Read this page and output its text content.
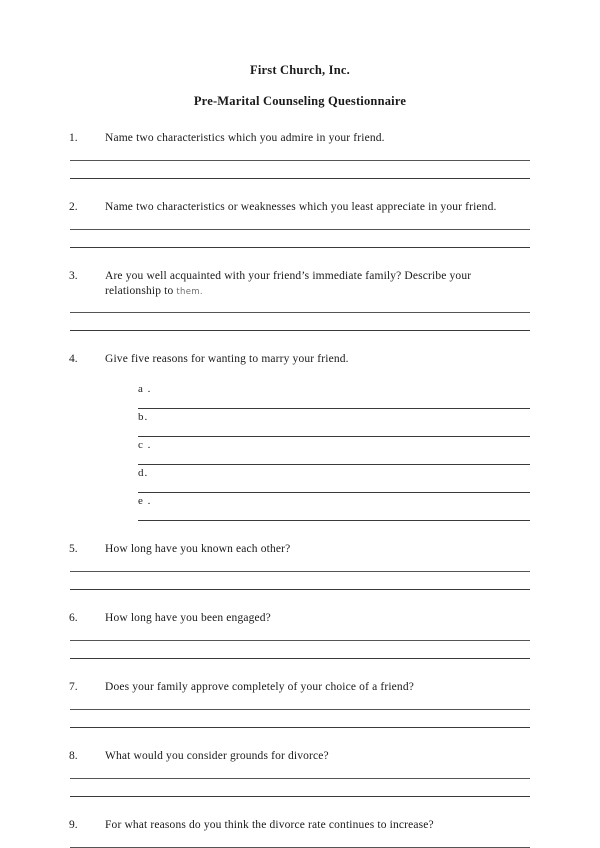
First Church, Inc.
Pre-Marital Counseling Questionnaire
1.	Name two characteristics which you admire in your friend.
2.	Name two characteristics or weaknesses which you least appreciate in your friend.
3.	Are you well acquainted with your friend’s immediate family? Describe your
relationship to them.
4.	Give five reasons for wanting to marry your friend.
a .
b.
c .
d.
e .
5.	How long have you known each other?
6.	How long have you been engaged?
7.	Does your family approve completely of your choice of a friend?
8.	What would you consider grounds for divorce?
9.	For what reasons do you think the divorce rate continues to increase?
